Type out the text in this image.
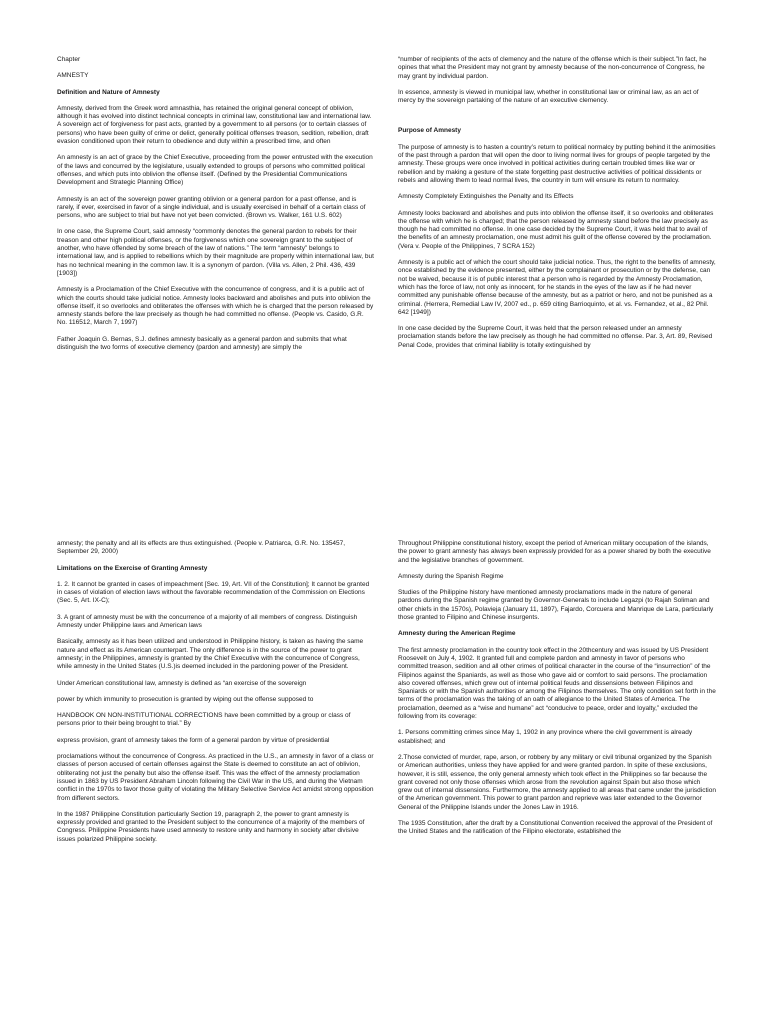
Chapter

AMNESTY

Definition and Nature of Amnesty

Amnesty, derived from the Greek word amnasthia, has retained the original general concept of oblivion, although it has evolved into distinct technical concepts in criminal law, constitutional law and international law. A sovereign act of forgiveness for past acts, granted by a government to all persons (or to certain classes of persons) who have been guilty of crime or delict, generally political offenses treason, sedition, rebellion, draft evasion conditioned upon their return to obedience and duty within a prescribed time, and often

An amnesty is an act of grace by the Chief Executive, proceeding from the power entrusted with the execution of the laws and concurred by the legislature, usually extended to groups of persons who committed political offenses, and which puts into oblivion the offense itself. (Defined by the Presidential Communications Development and Strategic Planning Office)

Amnesty is an act of the sovereign power granting oblivion or a general pardon for a past offense, and is rarely, if ever, exercised in favor of a single individual, and is usually exercised in behalf of a certain class of persons, who are subject to trial but have not yet been convicted. (Brown vs. Walker, 161 U.S. 602)

In one case, the Supreme Court, said amnesty “commonly denotes the general pardon to rebels for their treason and other high political offenses, or the forgiveness which one sovereign grant to the subject of another, who have offended by some breach of the law of nations.” The term “amnesty” belongs to international law, and is applied to rebellions which by their magnitude are properly within international law, but has no technical meaning in the common law. It is a synonym of pardon. (Villa vs. Allen, 2 Phil. 436, 439 [1903])

Amnesty is a Proclamation of the Chief Executive with the concurrence of congress, and it is a public act of which the courts should take judicial notice. Amnesty looks backward and abolishes and puts into oblivion the offense itself, it so overlooks and obliterates the offenses with which he is charged that the person released by amnesty stands before the law precisely as though he had committed no offense. (People vs. Casido, G.R. No. 116512, March 7, 1997)

Father Joaquin G. Bernas, S.J. defines amnesty basically as a general pardon and submits that what distinguish the two forms of executive clemency (pardon and amnesty) are simply the

“number of recipients of the acts of clemency and the nature of the offense which is their subject.”In fact, he opines that what the President may not grant by amnesty because of the non-concurrence of Congress, he may grant by individual pardon.

In essence, amnesty is viewed in municipal law, whether in constitutional law or criminal law, as an act of mercy by the sovereign partaking of the nature of an executive clemency.

Purpose of Amnesty

The purpose of amnesty is to hasten a country’s return to political normalcy by putting behind it the animosities of the past through a pardon that will open the door to living normal lives for groups of people targeted by the amnesty. These groups were once involved in political activities during certain troubled times like war or rebellion and by making a gesture of the state forgetting past destructive activities of political dissidents or rebels and allowing them to lead normal lives, the country in turn will ensure its return to normalcy.

Amnesty Completely Extinguishes the Penalty and Its Effects

Amnesty looks backward and abolishes and puts into oblivion the offense itself, it so overlooks and obliterates the offense with which he is charged; that the person released by amnesty stand before the law precisely as though he had committed no offense. In one case decided by the Supreme Court, it was held that to avail of the benefits of an amnesty proclamation, one must admit his guilt of the offense covered by the proclamation. (Vera v. People of the Philippines, 7 SCRA 152)

Amnesty is a public act of which the court should take judicial notice. Thus, the right to the benefits of amnesty, once established by the evidence presented, either by the complainant or prosecution or by the defense, can not be waived, because it is of public interest that a person who is regarded by the Amnesty Proclamation, which has the force of law, not only as innocent, for he stands in the eyes of the law as if he had never committed any punishable offense because of the amnesty, but as a patriot or hero, and not be punished as a criminal. (Herrera, Remedial Law IV, 2007 ed., p. 659 citing Barrioquinto, et al. vs. Fernandez, et al., 82 Phil. 642 [1949])

In one case decided by the Supreme Court, it was held that the person released under an amnesty proclamation stands before the law precisely as though he had committed no offense. Par. 3, Art. 89, Revised Penal Code, provides that criminal liability is totally extinguished by

amnesty; the penalty and all its effects are thus extinguished. (People v. Patriarca, G.R. No. 135457, September 29, 2000)

Limitations on the Exercise of Granting Amnesty

1. 2. It cannot be granted in cases of impeachment [Sec. 19, Art. VII of the Constitution]; It cannot be granted in cases of violation of election laws without the favorable recommendation of the Commission on Elections (Sec. 5, Art. IX-C);

3. A grant of amnesty must be with the concurrence of a majority of all members of congress. Distinguish Amnesty under Philippine laws and American laws

Basically, amnesty as it has been utilized and understood in Philippine history, is taken as having the same nature and effect as its American counterpart. The only difference is in the source of the power to grant amnesty; in the Philippines, amnesty is granted by the Chief Executive with the concurrence of Congress, while amnesty in the United States (U.S.)is deemed included in the pardoning power of the President.

Under American constitutional law, amnesty is defined as “an exercise of the sovereign

power by which immunity to prosecution is granted by wiping out the offense supposed to

HANDBOOK ON NON-INSTITUTIONAL CORRECTIONS have been committed by a group or class of persons prior to their being brought to trial.” By

express provision, grant of amnesty takes the form of a general pardon by virtue of presidential

proclamations without the concurrence of Congress. As practiced in the U.S., an amnesty in favor of a class or classes of person accused of certain offenses against the State is deemed to constitute an act of oblivion, obliterating not just the penalty but also the offense itself. This was the effect of the amnesty proclamation issued in 1863 by US President Abraham Lincoln following the Civil War in the US, and during the Vietnam conflict in the 1970s to favor those guilty of violating the Military Selective Service Act amidst strong opposition from different sectors.

In the 1987 Philippine Constitution particularly Section 19, paragraph 2, the power to grant amnesty is expressly provided and granted to the President subject to the concurrence of a majority of the members of Congress. Philippine Presidents have used amnesty to restore unity and harmony in society after divisive issues polarized Philippine society.

Throughout Philippine constitutional history, except the period of American military occupation of the islands, the power to grant amnesty has always been expressly provided for as a power shared by both the executive and the legislative branches of government.

Amnesty during the Spanish Regime

Studies of the Philippine history have mentioned amnesty proclamations made in the nature of general pardons during the Spanish regime granted by Governor-Generals to include Legazpi (to Rajah Soliman and other chiefs in the 1570s), Polavieja (January 11, 1897), Fajardo, Corcuera and Manrique de Lara, particularly those granted to Filipino and Chinese insurgents.

Amnesty during the American Regime

The first amnesty proclamation in the country took effect in the 20thcentury and was issued by US President Roosevelt on July 4, 1902. It granted full and complete pardon and amnesty in favor of persons who committed treason, sedition and all other crimes of political character in the course of the “insurrection” of the Filipinos against the Spaniards, as well as those who gave aid or comfort to said persons. The proclamation also covered offenses, which grew out of internal political feuds and dissensions between Filipinos and Spaniards or with the Spanish authorities or among the Filipinos themselves. The only condition set forth in the terms of the proclamation was the taking of an oath of allegiance to the United States of America. The proclamation, deemed as a “wise and humane” act “conducive to peace, order and loyalty,” excluded the following from its coverage:

1. Persons committing crimes since May 1, 1902 in any province where the civil government is already established; and

2.Those convicted of murder, rape, arson, or robbery by any military or civil tribunal organized by the Spanish or American authorities, unless they have applied for and were granted pardon. In spite of these exclusions, however, it is still, essence, the only general amnesty which took effect in the Philippines so far because the grant covered not only those offenses which arose from the revolution against Spain but also those which grew out of internal dissensions. Furthermore, the amnesty applied to all areas that came under the jurisdiction of the American government. This power to grant pardon and reprieve was later extended to the Governor General of the Philippine Islands under the Jones Law in 1916.

The 1935 Constitution, after the draft by a Constitutional Convention received the approval of the President of the United States and the ratification of the Filipino electorate, established the
